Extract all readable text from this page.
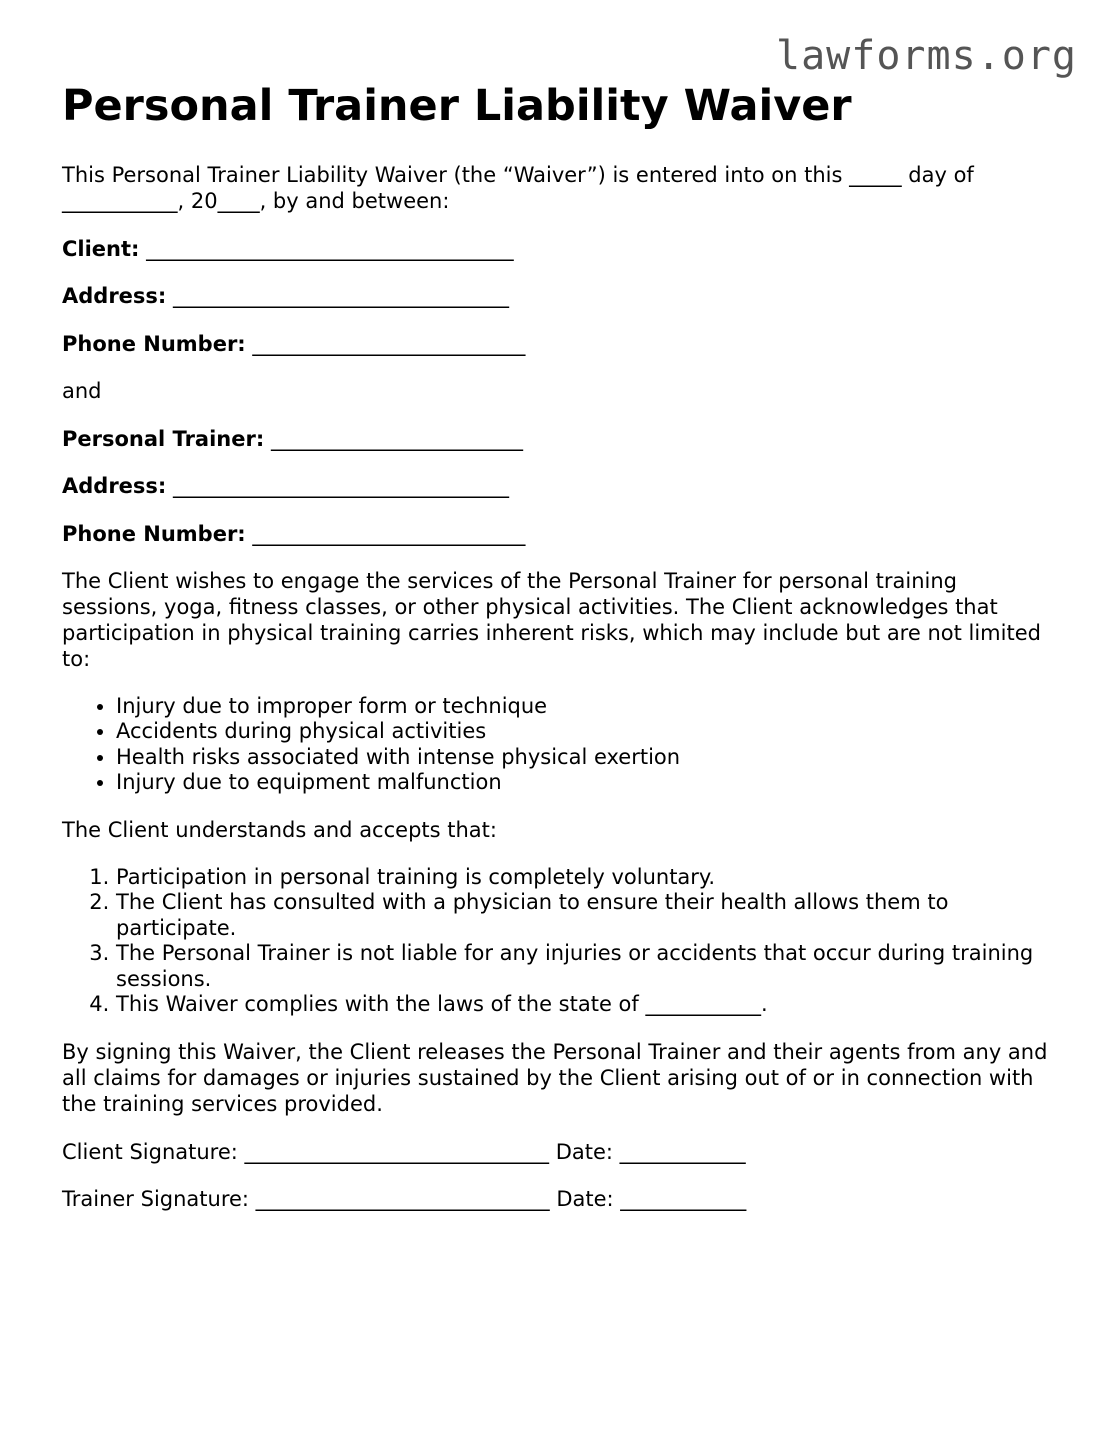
lawforms.org
Personal Trainer Liability Waiver

This Personal Trainer Liability Waiver (the “Waiver”) is entered into on this _____ day of ___________, 20____, by and between:

Client: ___________________________________

Address: ________________________________

Phone Number: __________________________

and

Personal Trainer: ________________________

Address: ________________________________

Phone Number: __________________________

The Client wishes to engage the services of the Personal Trainer for personal training sessions, yoga, fitness classes, or other physical activities. The Client acknowledges that participation in physical training carries inherent risks, which may include but are not limited to:

• Injury due to improper form or technique
• Accidents during physical activities
• Health risks associated with intense physical exertion
• Injury due to equipment malfunction

The Client understands and accepts that:

1. Participation in personal training is completely voluntary.
2. The Client has consulted with a physician to ensure their health allows them to participate.
3. The Personal Trainer is not liable for any injuries or accidents that occur during training sessions.
4. This Waiver complies with the laws of the state of ___________.

By signing this Waiver, the Client releases the Personal Trainer and their agents from any and all claims for damages or injuries sustained by the Client arising out of or in connection with the training services provided.

Client Signature: _____________________________ Date: ____________

Trainer Signature: ____________________________ Date: ____________
